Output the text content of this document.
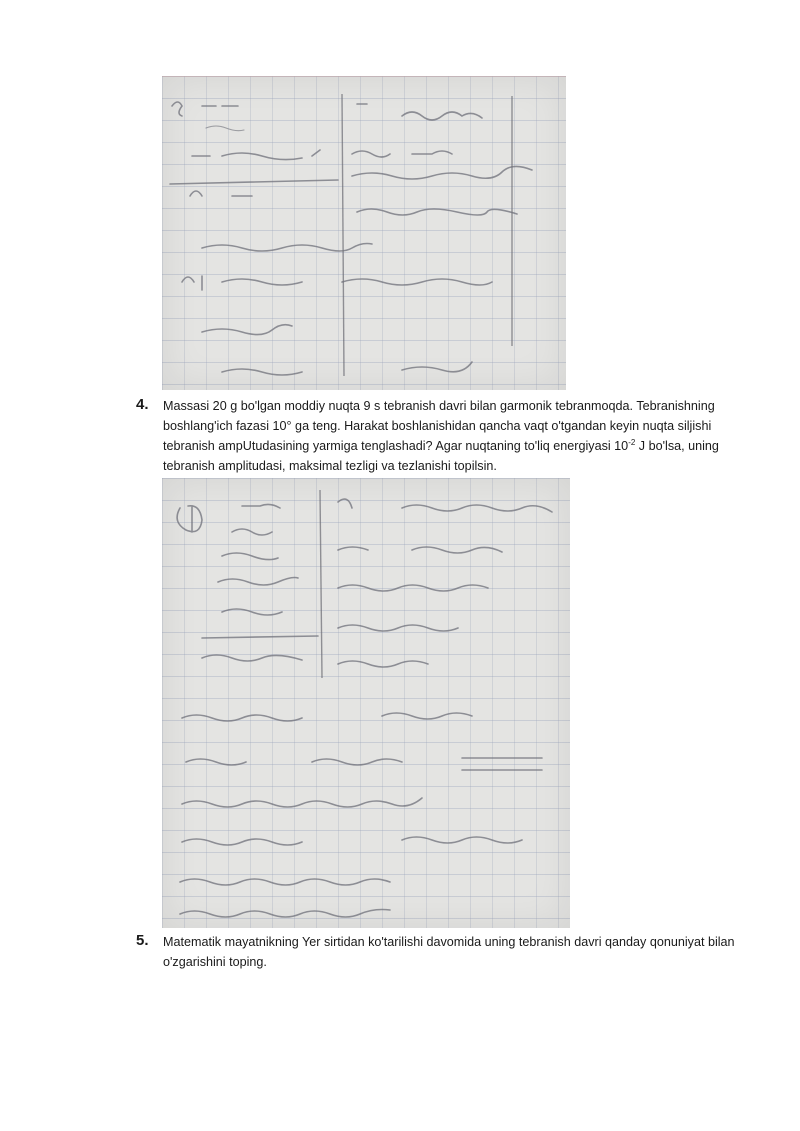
4. Massasi 20 g bo'lgan moddiy nuqta 9 s tebranish davri bilan garmonik tebranmoqda. Tebranishning boshlang'ich fazasi 10° ga teng. Harakat boshlanishidan qancha vaqt o'tgandan keyin nuqta siljishi tebranish ampUtudasining yarmiga tenglashadi? Agar nuqtaning to'liq energiyasi $10^{-2}$ J bo'lsa, uning tebranish amplitudasi, maksimal tezligi va tezlanishi topilsin.
5. Matematik mayatnikning Yer sirtidan ko'tarilishi davomida uning tebranish davri qanday qonuniyat bilan o'zgarishini toping.
